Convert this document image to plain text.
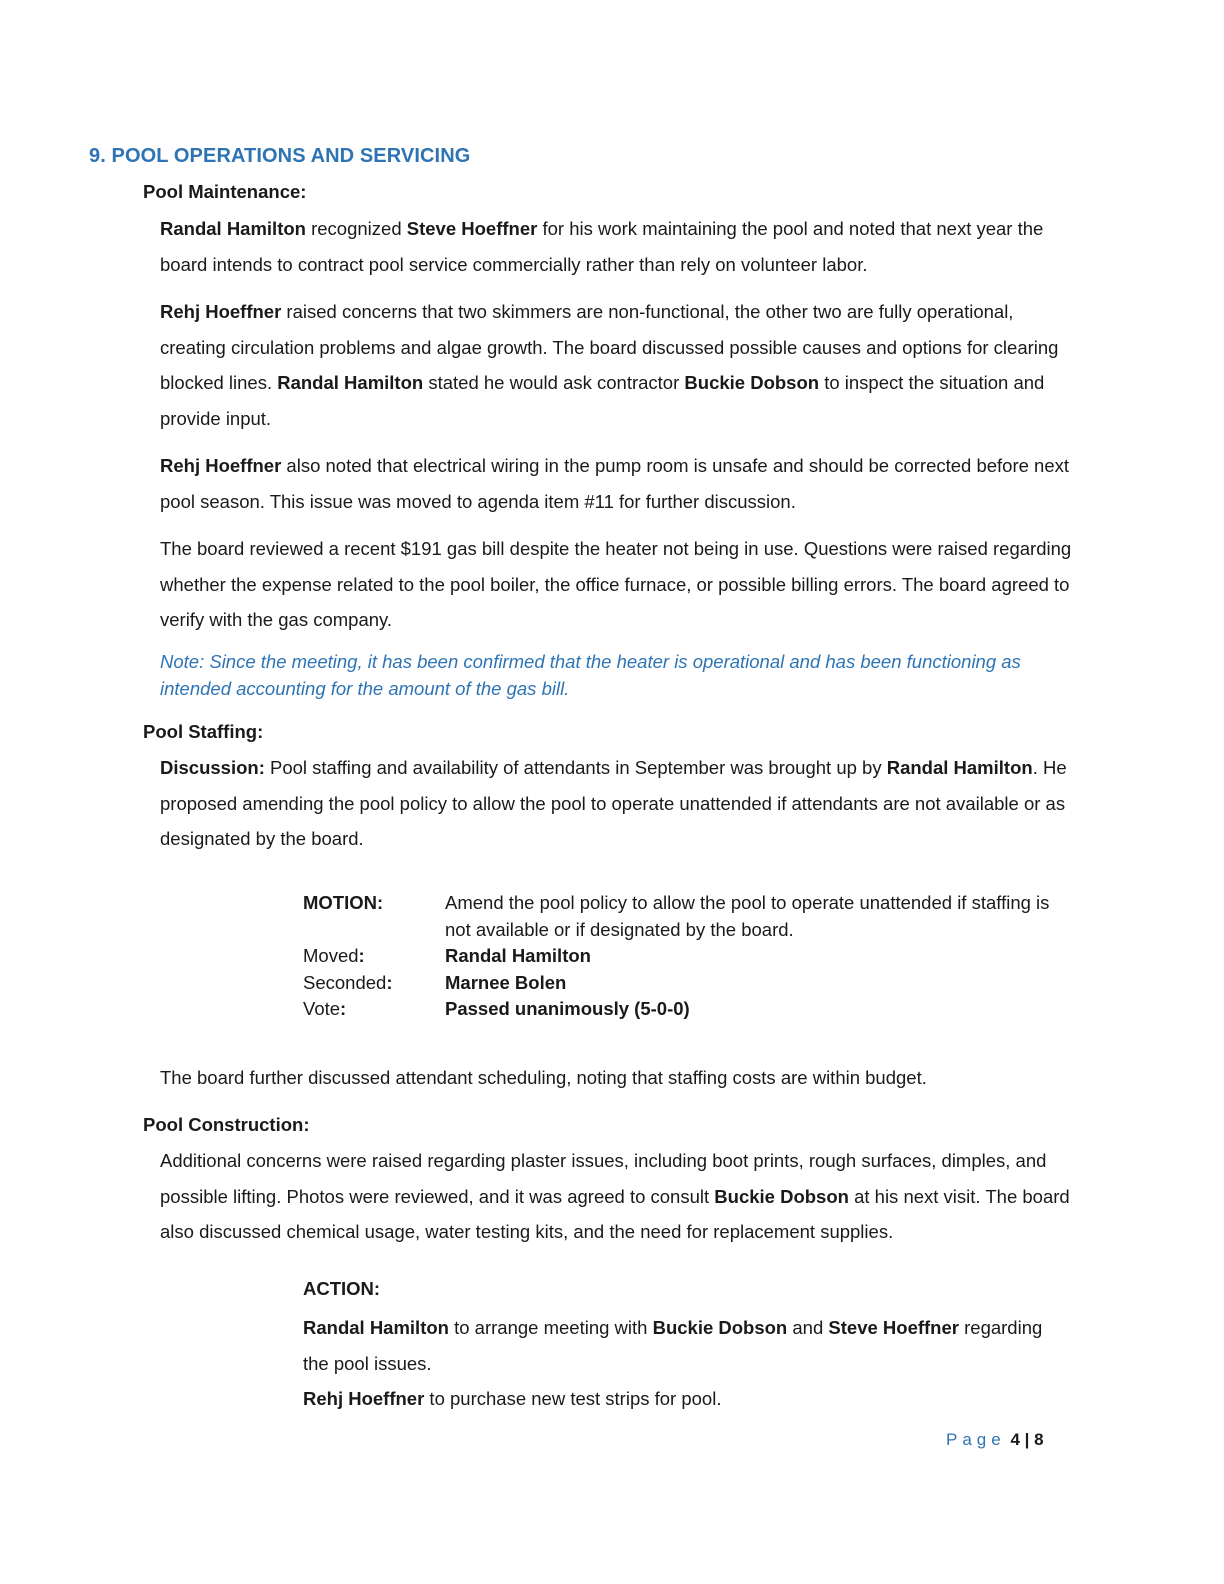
9. POOL OPERATIONS AND SERVICING
Pool Maintenance:

Randal Hamilton recognized Steve Hoeffner for his work maintaining the pool and noted that next year the board intends to contract pool service commercially rather than rely on volunteer labor.

Rehj Hoeffner raised concerns that two skimmers are non-functional, the other two are fully operational, creating circulation problems and algae growth. The board discussed possible causes and options for clearing blocked lines. Randal Hamilton stated he would ask contractor Buckie Dobson to inspect the situation and provide input.

Rehj Hoeffner also noted that electrical wiring in the pump room is unsafe and should be corrected before next pool season. This issue was moved to agenda item #11 for further discussion.

The board reviewed a recent $191 gas bill despite the heater not being in use. Questions were raised regarding whether the expense related to the pool boiler, the office furnace, or possible billing errors. The board agreed to verify with the gas company.

Note: Since the meeting, it has been confirmed that the heater is operational and has been functioning as intended accounting for the amount of the gas bill.

Pool Staffing:

Discussion: Pool staffing and availability of attendants in September was brought up by Randal Hamilton. He proposed amending the pool policy to allow the pool to operate unattended if attendants are not available or as designated by the board.

MOTION:	Amend the pool policy to allow the pool to operate unattended if staffing is not available or if designated by the board.
Moved:	Randal Hamilton
Seconded:	Marnee Bolen
Vote:	Passed unanimously (5-0-0)

The board further discussed attendant scheduling, noting that staffing costs are within budget.

Pool Construction:

Additional concerns were raised regarding plaster issues, including boot prints, rough surfaces, dimples, and possible lifting. Photos were reviewed, and it was agreed to consult Buckie Dobson at his next visit. The board also discussed chemical usage, water testing kits, and the need for replacement supplies.

ACTION:
Randal Hamilton to arrange meeting with Buckie Dobson and Steve Hoeffner regarding the pool issues.
Rehj Hoeffner to purchase new test strips for pool.
Page 4 | 8
